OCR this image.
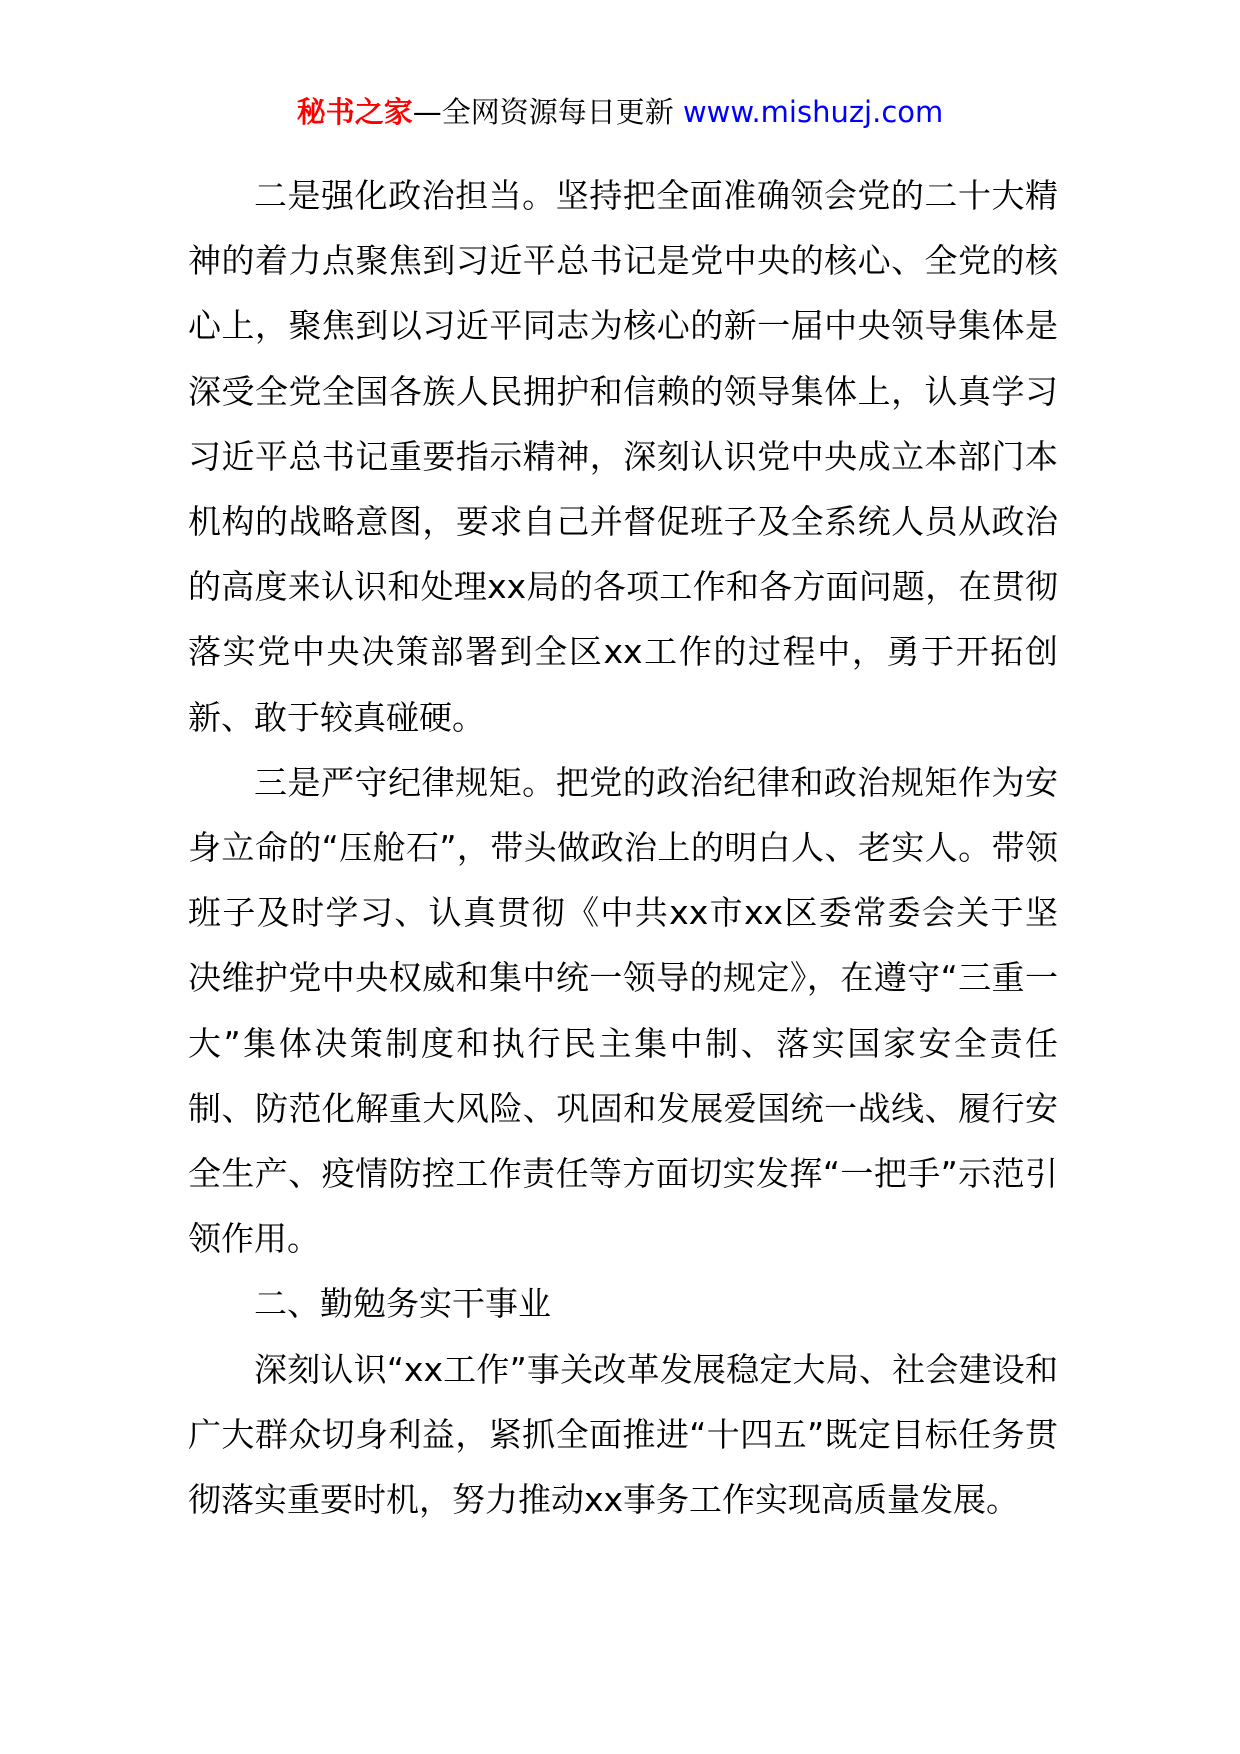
秘书之家—全网资源每日更新 www.mishuzj.com

二是强化政治担当。坚持把全面准确领会党的二十大精神的着力点聚焦到习近平总书记是党中央的核心、全党的核心上，聚焦到以习近平同志为核心的新一届中央领导集体是深受全党全国各族人民拥护和信赖的领导集体上，认真学习习近平总书记重要指示精神，深刻认识党中央成立本部门本机构的战略意图，要求自己并督促班子及全系统人员从政治的高度来认识和处理xx局的各项工作和各方面问题，在贯彻落实党中央决策部署到全区xx工作的过程中，勇于开拓创新、敢于较真碰硬。

三是严守纪律规矩。把党的政治纪律和政治规矩作为安身立命的“压舱石”，带头做政治上的明白人、老实人。带领班子及时学习、认真贯彻《中共xx市xx区委常委会关于坚决维护党中央权威和集中统一领导的规定》，在遵守“三重一大”集体决策制度和执行民主集中制、落实国家安全责任制、防范化解重大风险、巩固和发展爱国统一战线、履行安全生产、疫情防控工作责任等方面切实发挥“一把手”示范引领作用。

二、勤勉务实干事业

深刻认识“xx工作”事关改革发展稳定大局、社会建设和广大群众切身利益，紧抓全面推进“十四五”既定目标任务贯彻落实重要时机，努力推动xx事务工作实现高质量发展。
